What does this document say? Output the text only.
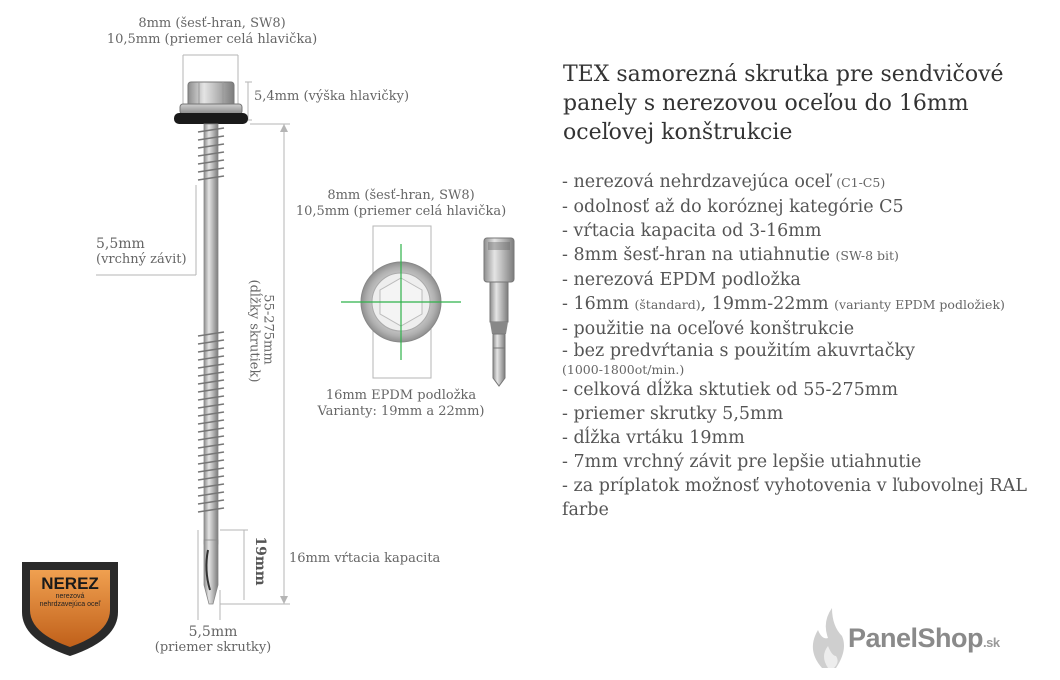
8mm (šesť-hran, SW8)
10,5mm (priemer celá hlavička)
5,4mm (výška hlavičky)
5,5mm
(vrchný závit)
55-275mm
(dĺžky skrutiek)
19mm 16mm vŕtacia kapacita
5,5mm
(priemer skrutky)
8mm (šesť-hran, SW8)
10,5mm (priemer celá hlavička)
16mm EPDM podložka
Varianty: 19mm a 22mm)
NEREZ
nerezová
nehrdzavejúca oceľ
TEX samorezná skrutka pre sendvičové panely s nerezovou oceľou do 16mm oceľovej konštrukcie
- nerezová nehrdzavejúca oceľ (C1-C5)
- odolnosť až do koróznej kategórie C5
- vŕtacia kapacita od 3-16mm
- 8mm šesť-hran na utiahnutie (SW-8 bit)
- nerezová EPDM podložka
- 16mm (štandard), 19mm-22mm (varianty EPDM podložiek)
- použitie na oceľové konštrukcie
- bez predvŕtania s použitím akuvrtačky
(1000-1800ot/min.)
- celková dĺžka sktutiek od 55-275mm
- priemer skrutky 5,5mm
- dĺžka vrtáku 19mm
- 7mm vrchný závit pre lepšie utiahnutie
- za príplatok možnosť vyhotovenia v ľubovolnej RAL farbe
PanelShop.sk
